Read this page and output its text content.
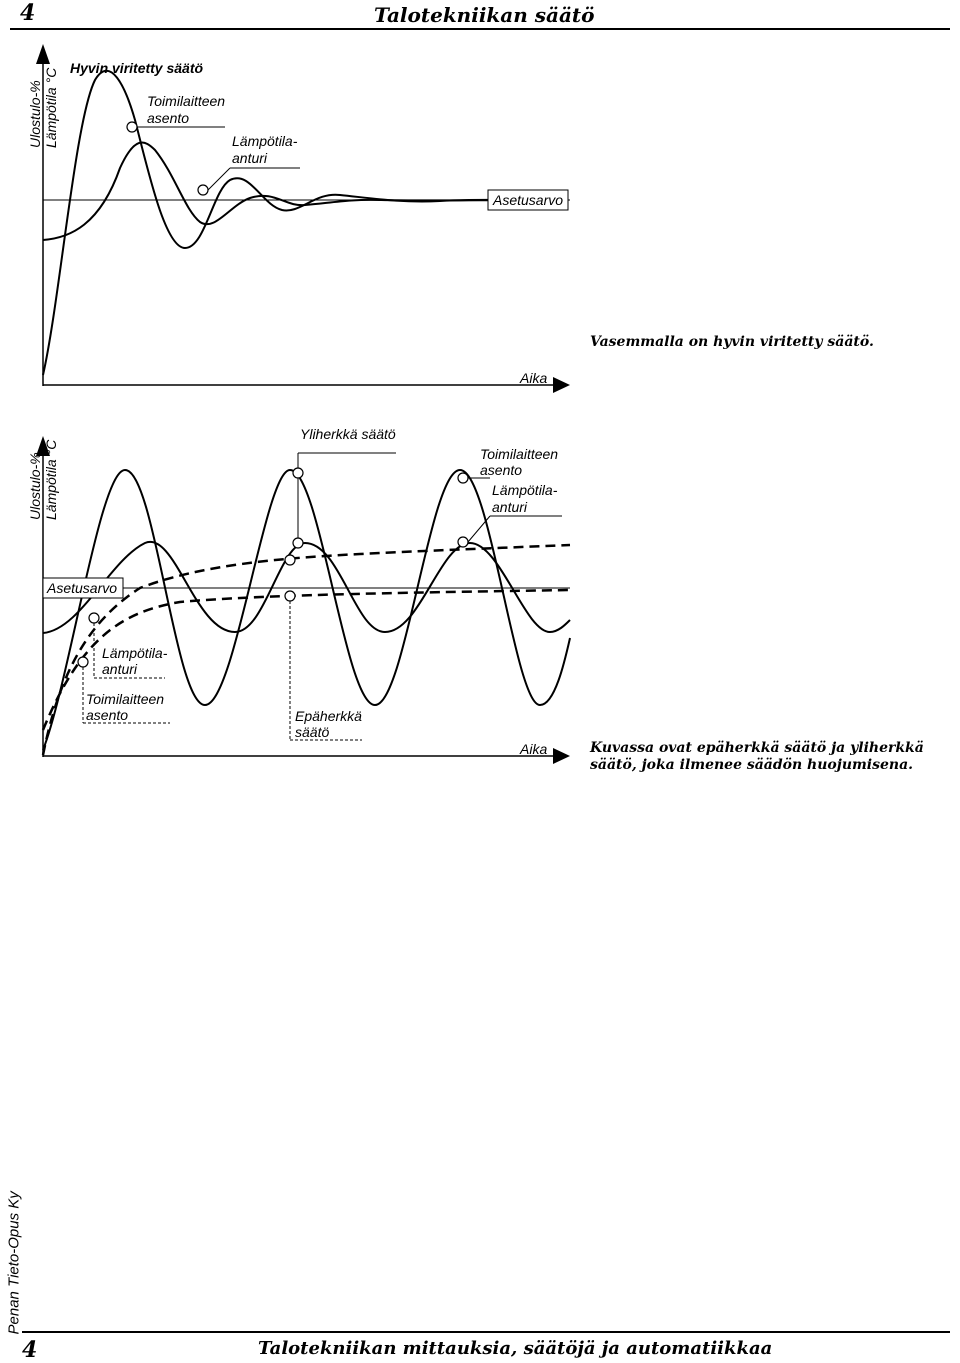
4	Talotekniikan säätö
Ulostulo-% Lämpötila °C Hyvin viritetty säätö
Toimilaitteen
asento
Lämpötila-
anturi
Asetusarvo
Aika
Vasemmalla on hyvin viritetty säätö.
Ulostulo-% Lämpötila °C
Yliherkkä säätö
Toimilaitteen
asento
Lämpötila-
anturi
Asetusarvo
Lämpötila-
anturi
Toimilaitteen
asento	Epäherkkä
säätö
Aika	Kuvassa ovat epäherkkä säätö ja yliherkkä säätö, joka ilmenee säädön huojumisena.
Penan Tieto-Opus Ky
4	Talotekniikan mittauksia, säätöjä ja automatiikkaa
